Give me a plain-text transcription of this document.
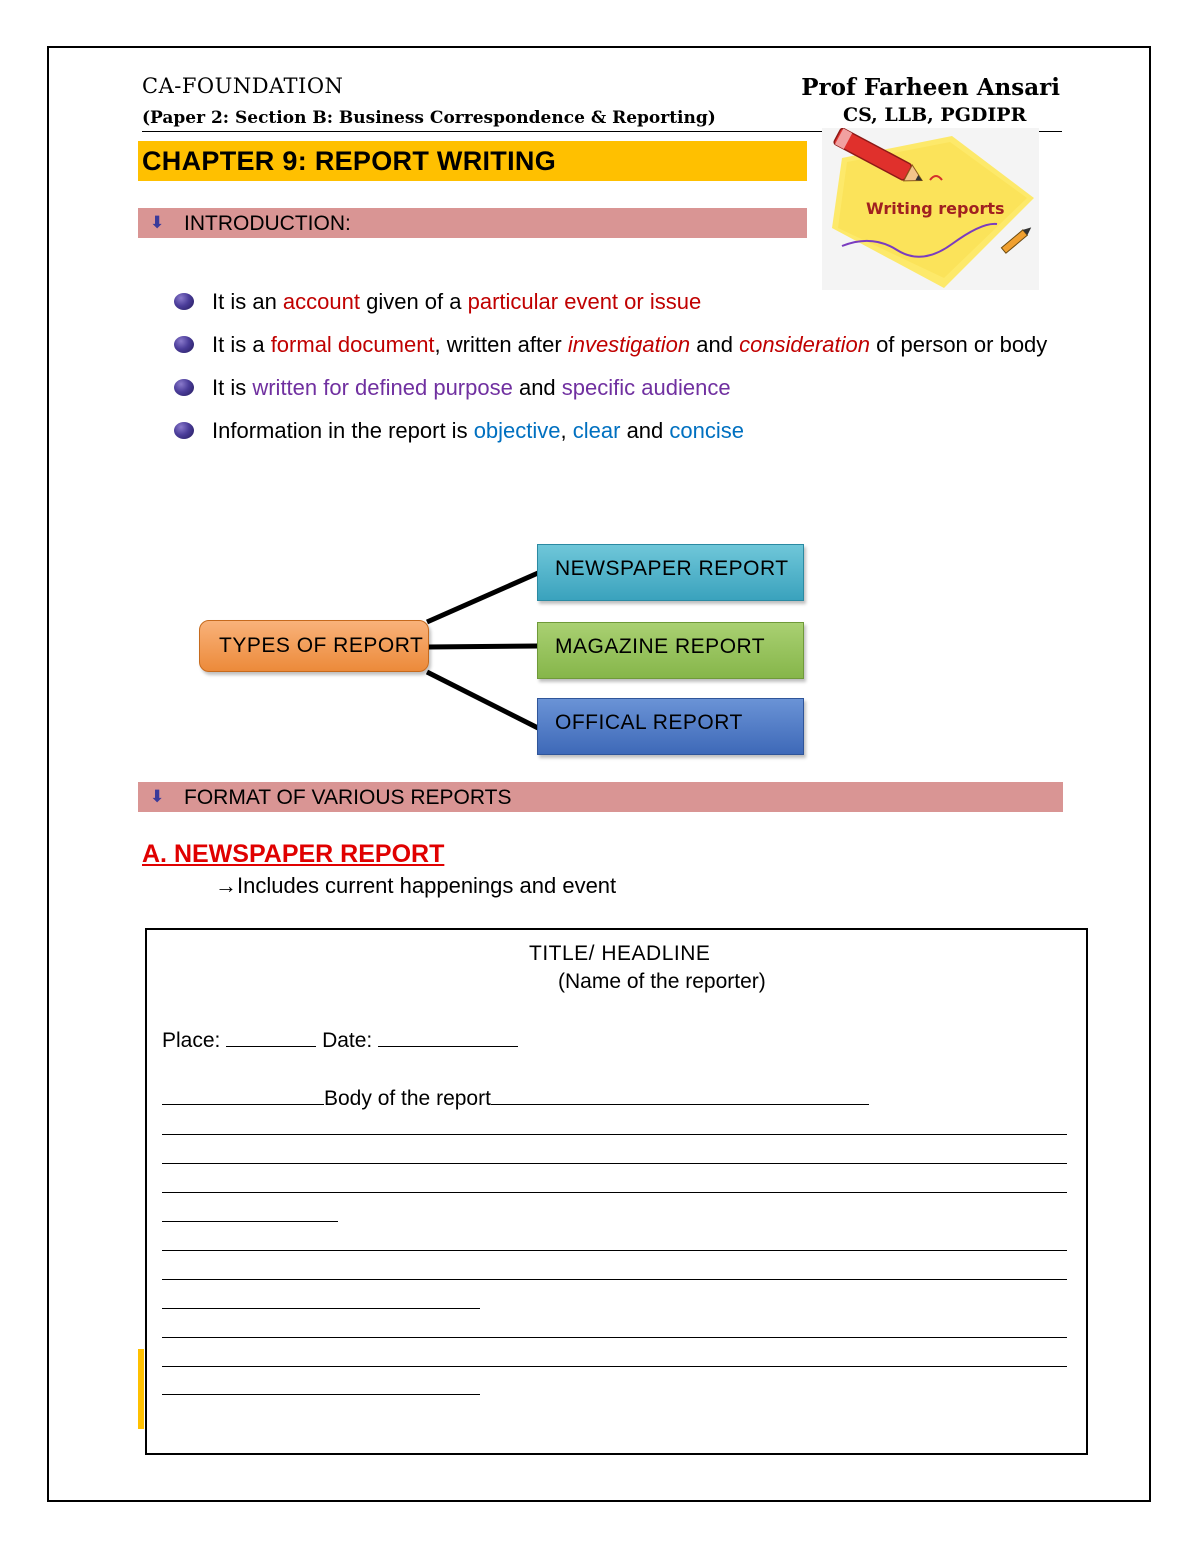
CA-FOUNDATION
(Paper 2: Section B: Business Correspondence & Reporting)
Prof Farheen Ansari
CS, LLB, PGDIPR
CHAPTER 9: REPORT WRITING
Writing reports
⬇ INTRODUCTION:
It is an account given of a particular event or issue
It is a formal document, written after investigation and consideration of person or body
It is written for defined purpose and specific audience
Information in the report is objective, clear and concise
TYPES OF REPORT
NEWSPAPER REPORT
MAGAZINE REPORT
OFFICAL REPORT
⬇ FORMAT OF VARIOUS REPORTS
A. NEWSPAPER REPORT
→Includes current happenings and event
TITLE/ HEADLINE
(Name of the reporter)
Place:	Date:
Body of the report
